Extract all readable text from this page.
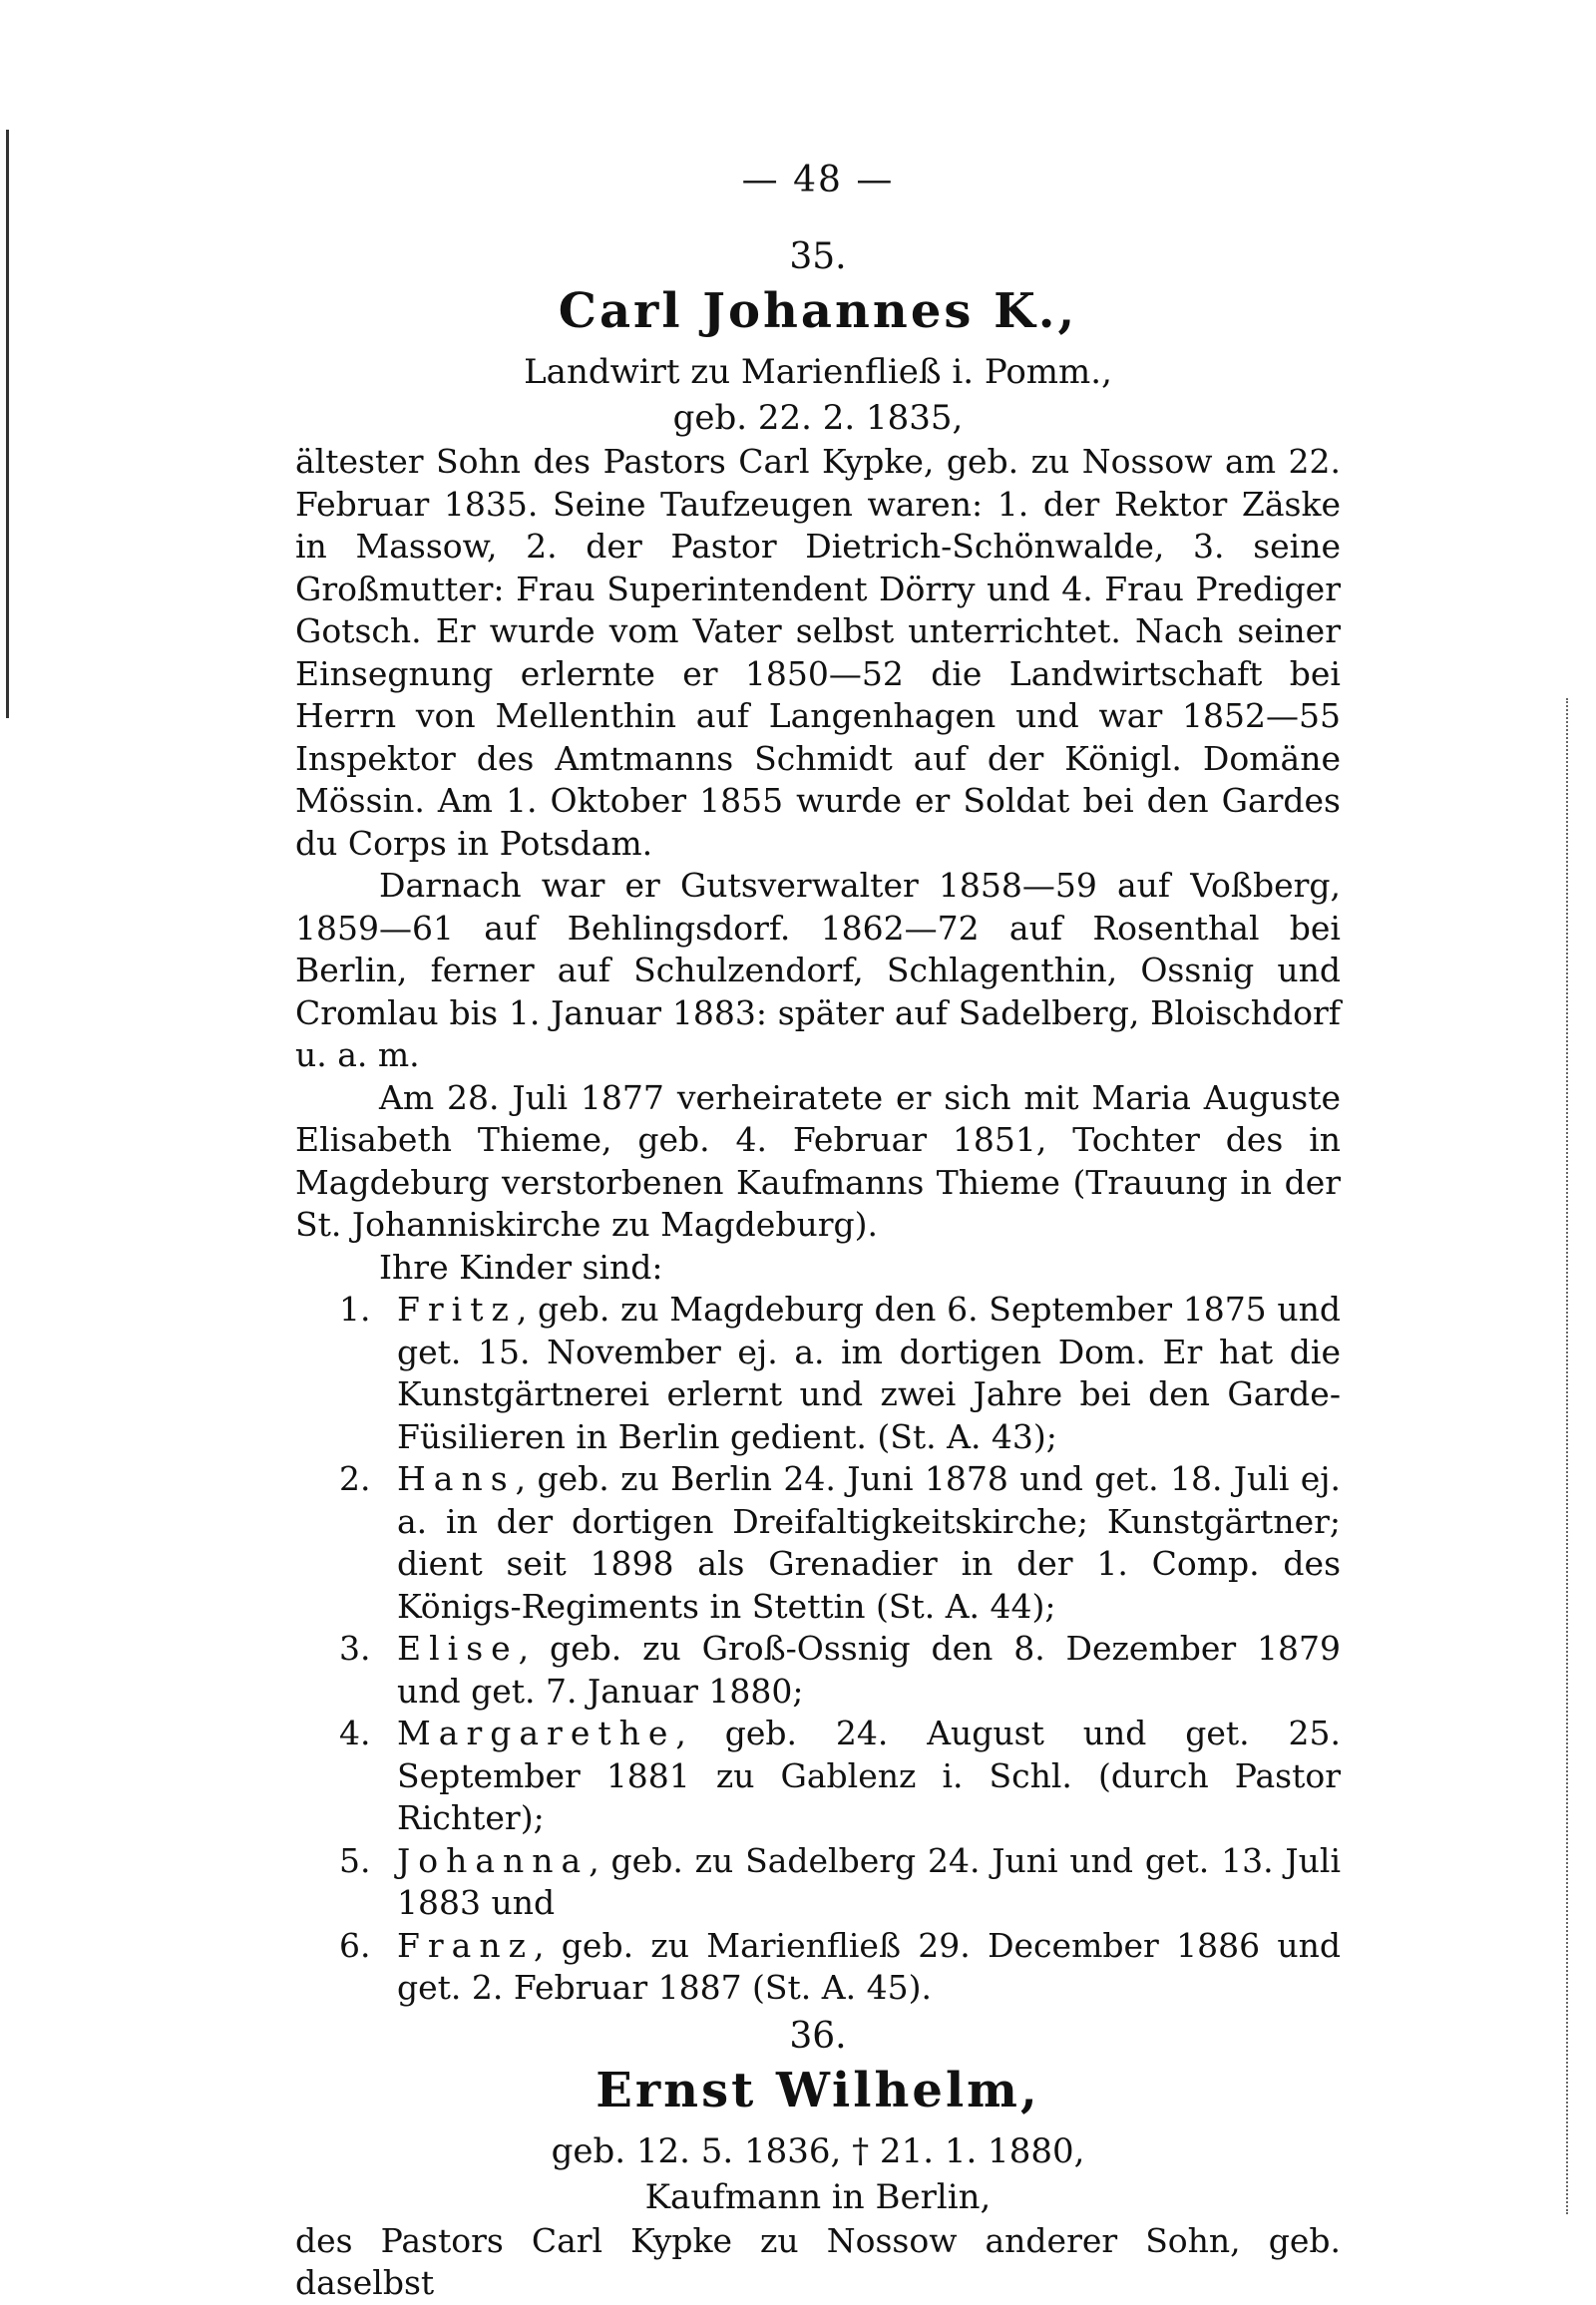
— 48 —
35.
Carl Johannes K.,

Landwirt zu Marienfließ i. Pomm.,

geb. 22. 2. 1835,

ältester Sohn des Pastors Carl Kypke, geb. zu Nossow am 22. Februar 1835. Seine Taufzeugen waren: 1. der Rektor Zäske in Massow, 2. der Pastor Dietrich-Schönwalde, 3. seine Großmutter: Frau Superintendent Dörry und 4. Frau Prediger Gotsch. Er wurde vom Vater selbst unterrichtet. Nach seiner Einsegnung erlernte er 1850—52 die Landwirtschaft bei Herrn von Mellenthin auf Langenhagen und war 1852—55 Inspektor des Amtmanns Schmidt auf der Königl. Domäne Mössin. Am 1. Oktober 1855 wurde er Soldat bei den Gardes du Corps in Potsdam.

Darnach war er Gutsverwalter 1858—59 auf Voßberg, 1859—61 auf Behlingsdorf. 1862—72 auf Rosenthal bei Berlin, ferner auf Schulzendorf, Schlagenthin, Ossnig und Cromlau bis 1. Januar 1883: später auf Sadelberg, Bloischdorf u. a. m.

Am 28. Juli 1877 verheiratete er sich mit Maria Auguste Elisabeth Thieme, geb. 4. Februar 1851, Tochter des in Magdeburg verstorbenen Kaufmanns Thieme (Trauung in der St. Johanniskirche zu Magdeburg).

Ihre Kinder sind:

1. Fritz, geb. zu Magdeburg den 6. September 1875 und get. 15. November ej. a. im dortigen Dom. Er hat die Kunstgärtnerei erlernt und zwei Jahre bei den Garde-Füsilieren in Berlin gedient. (St. A. 43);
2. Hans, geb. zu Berlin 24. Juni 1878 und get. 18. Juli ej. a. in der dortigen Dreifaltigkeitskirche; Kunstgärtner; dient seit 1898 als Grenadier in der 1. Comp. des Königs-Regiments in Stettin (St. A. 44);
3. Elise, geb. zu Groß-Ossnig den 8. Dezember 1879 und get. 7. Januar 1880;
4. Margarethe, geb. 24. August und get. 25. September 1881 zu Gablenz i. Schl. (durch Pastor Richter);
5. Johanna, geb. zu Sadelberg 24. Juni und get. 13. Juli 1883 und
6. Franz, geb. zu Marienfließ 29. December 1886 und get. 2. Februar 1887 (St. A. 45).
36.
Ernst Wilhelm,

geb. 12. 5. 1836, † 21. 1. 1880,

Kaufmann in Berlin,

des Pastors Carl Kypke zu Nossow anderer Sohn, geb. daselbst
